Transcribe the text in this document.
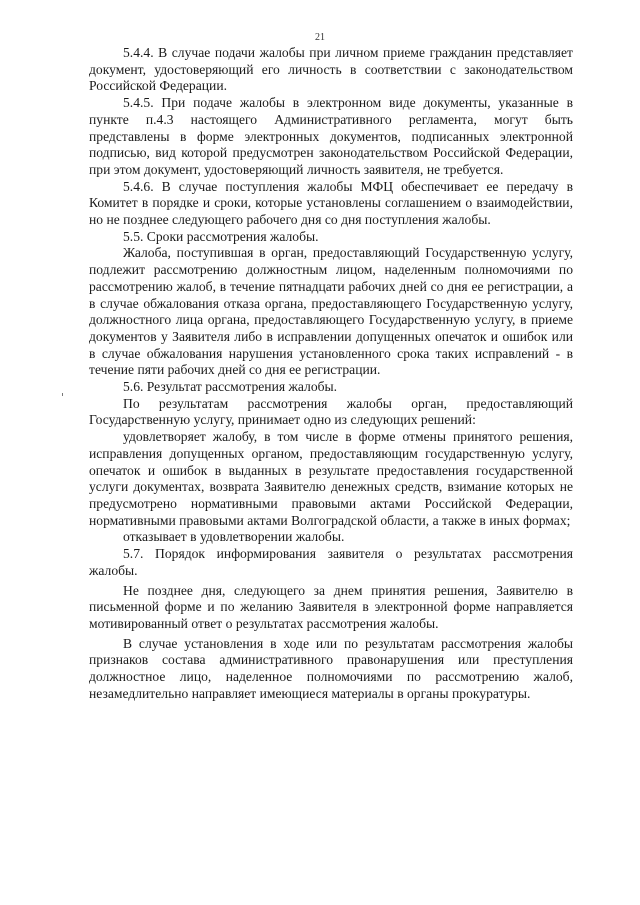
21

5.4.4. В случае подачи жалобы при личном приеме гражданин представляет документ, удостоверяющий его личность в соответствии с законодательством Российской Федерации.

5.4.5. При подаче жалобы в электронном виде документы, указанные в пункте п.4.3 настоящего Административного регламента, могут быть представлены в форме электронных документов, подписанных электронной подписью, вид которой предусмотрен законодательством Российской Федерации, при этом документ, удостоверяющий личность заявителя, не требуется.

5.4.6. В случае поступления жалобы МФЦ обеспечивает ее передачу в Комитет в порядке и сроки, которые установлены соглашением о взаимодействии, но не позднее следующего рабочего дня со дня поступления жалобы.

5.5. Сроки рассмотрения жалобы.

Жалоба, поступившая в орган, предоставляющий Государственную услугу, подлежит рассмотрению должностным лицом, наделенным полномочиями по рассмотрению жалоб, в течение пятнадцати рабочих дней со дня ее регистрации, а в случае обжалования отказа органа, предоставляющего Государственную услугу, должностного лица органа, предоставляющего Государственную услугу, в приеме документов у Заявителя либо в исправлении допущенных опечаток и ошибок или в случае обжалования нарушения установленного срока таких исправлений - в течение пяти рабочих дней со дня ее регистрации.

5.6. Результат рассмотрения жалобы.

По результатам рассмотрения жалобы орган, предоставляющий Государственную услугу, принимает одно из следующих решений:

удовлетворяет жалобу, в том числе в форме отмены принятого решения, исправления допущенных органом, предоставляющим государственную услугу, опечаток и ошибок в выданных в результате предоставления государственной услуги документах, возврата Заявителю денежных средств, взимание которых не предусмотрено нормативными правовыми актами Российской Федерации, нормативными правовыми актами Волгоградской области, а также в иных формах;

отказывает в удовлетворении жалобы.

5.7. Порядок информирования заявителя о результатах рассмотрения жалобы.

Не позднее дня, следующего за днем принятия решения, Заявителю в письменной форме и по желанию Заявителя в электронной форме направляется мотивированный ответ о результатах рассмотрения жалобы.

В случае установления в ходе или по результатам рассмотрения жалобы признаков состава административного правонарушения или преступления должностное лицо, наделенное полномочиями по рассмотрению жалоб, незамедлительно направляет имеющиеся материалы в органы прокуратуры.
